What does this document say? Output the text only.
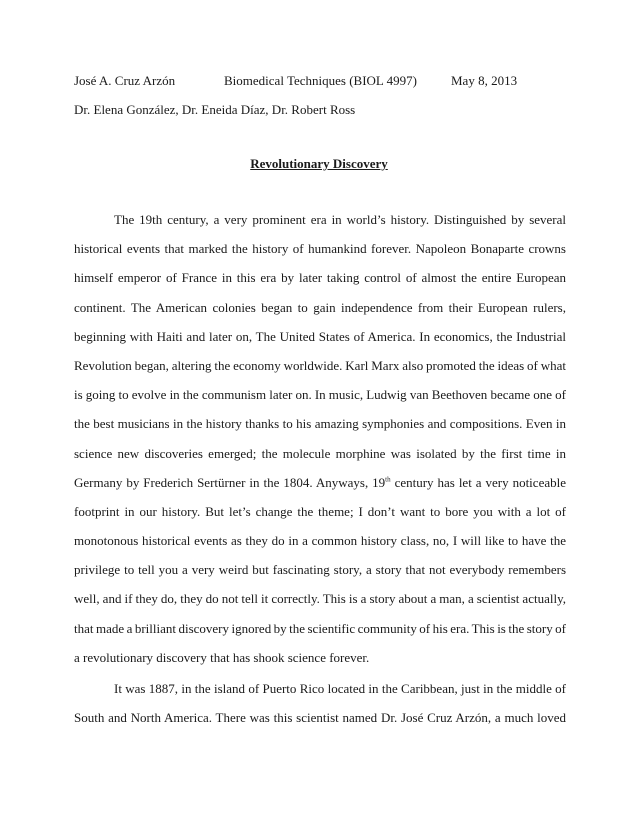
José A. Cruz Arzón	Biomedical Techniques (BIOL 4997)	May 8, 2013
Dr. Elena González, Dr. Eneida Díaz, Dr. Robert Ross
Revolutionary Discovery
The 19th century, a very prominent era in world’s history. Distinguished by several
historical events that marked the history of humankind forever. Napoleon Bonaparte crowns
himself emperor of France in this era by later taking control of almost the entire European
continent. The American colonies began to gain independence from their European rulers,
beginning with Haiti and later on, The United States of America. In economics, the Industrial
Revolution began, altering the economy worldwide. Karl Marx also promoted the ideas of what
is going to evolve in the communism later on. In music, Ludwig van Beethoven became one of
the best musicians in the history thanks to his amazing symphonies and compositions. Even in
science new discoveries emerged; the molecule morphine was isolated by the first time in
Germany by Frederich Sertürner in the 1804. Anyways, 19th century has let a very noticeable
footprint in our history. But let’s change the theme; I don’t want to bore you with a lot of
monotonous historical events as they do in a common history class, no, I will like to have the
privilege to tell you a very weird but fascinating story, a story that not everybody remembers
well, and if they do, they do not tell it correctly. This is a story about a man, a scientist actually,
that made a brilliant discovery ignored by the scientific community of his era. This is the story of
a revolutionary discovery that has shook science forever.
It was 1887, in the island of Puerto Rico located in the Caribbean, just in the middle of
South and North America. There was this scientist named Dr. José Cruz Arzón, a much loved
